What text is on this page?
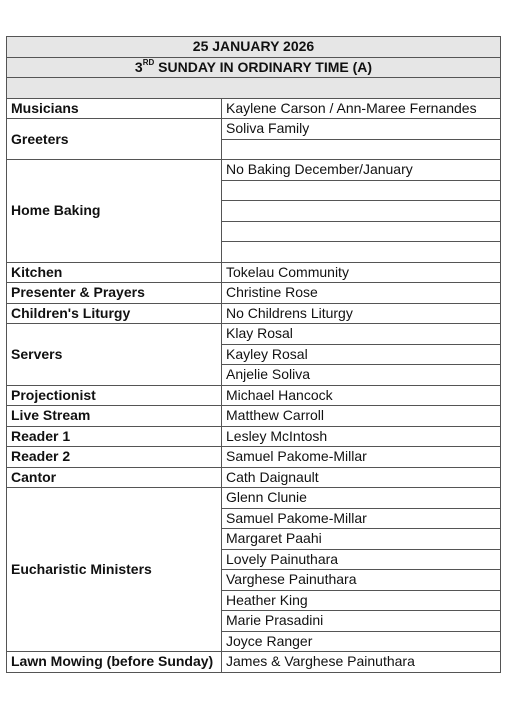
25 JANUARY 2026	
3RD SUNDAY IN ORDINARY TIME (A)	

Musicians	Kaylene Carson / Ann-Maree Fernandes
Greeters	Soliva Family

Home Baking	No Baking December/January

Kitchen	Tokelau Community
Presenter & Prayers	Christine Rose
Children's Liturgy	No Childrens Liturgy
Servers	Klay Rosal
	Kayley Rosal
	Anjelie Soliva
Projectionist	Michael Hancock
Live Stream	Matthew Carroll
Reader 1	Lesley McIntosh
Reader 2	Samuel Pakome-Millar
Cantor	Cath Daignault
Eucharistic Ministers	Glenn Clunie
	Samuel Pakome-Millar
	Margaret Paahi
	Lovely Painuthara
	Varghese Painuthara
	Heather King
	Marie Prasadini
	Joyce Ranger
Lawn Mowing (before Sunday)	James & Varghese Painuthara
